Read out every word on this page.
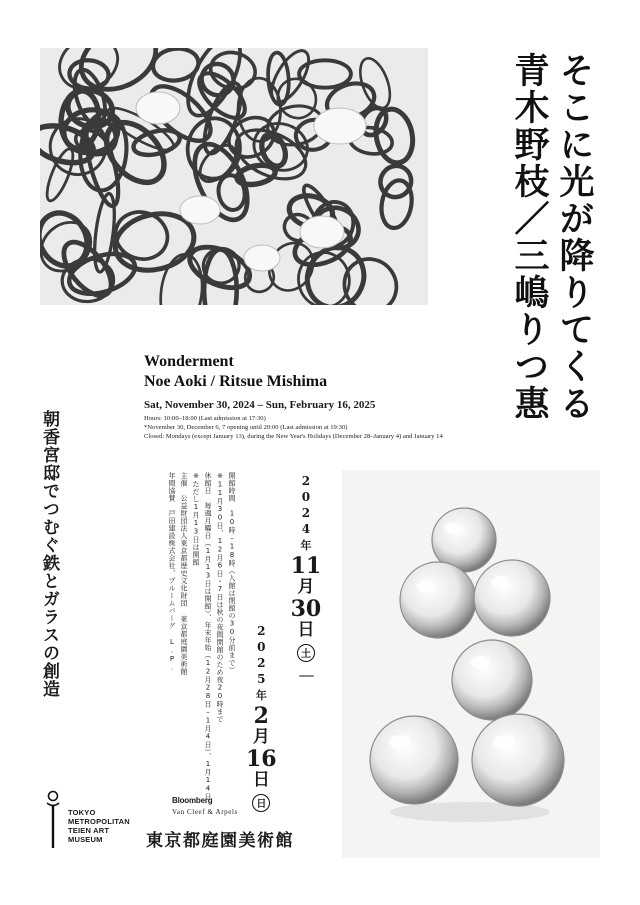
そこに光が降りてくる
青木野枝／三嶋りつ惠
Wonderment
Noe Aoki / Ritsue Mishima
Sat, November 30, 2024 – Sun, February 16, 2025
Hours: 10:00–18:00 (Last admission at 17:30)
*November 30, December 6, 7 opening until 20:00 (Last admission at 19:30)
Closed: Mondays (except January 13), during the New Year's Holidays (December 28–January 4) and January 14
朝香宮邸でつむぐ鉄とガラスの創造	開館時間　10時–18時（入館は閉館の30分前まで）
※11月30日、12月6日・7日は秋の夜間開館のため夜20時まで
休館日　毎週月曜日（1月13日は開館）、年末年始（12月28日–1月4日）、1月14日
※ただし1月13日は開館
主催　公益財団法人東京都歴史文化財団 東京都庭園美術館
年間協賛　戸田建設株式会社、ブルームバーグ L.P.	2024
年
11
月
30
日
土
—
2025
年
2
月
16
日
日
Bloomberg
Van Cleef & Arpels
TOKYO
METROPOLITAN
TEIEN ART
MUSEUM	東京都庭園美術館
